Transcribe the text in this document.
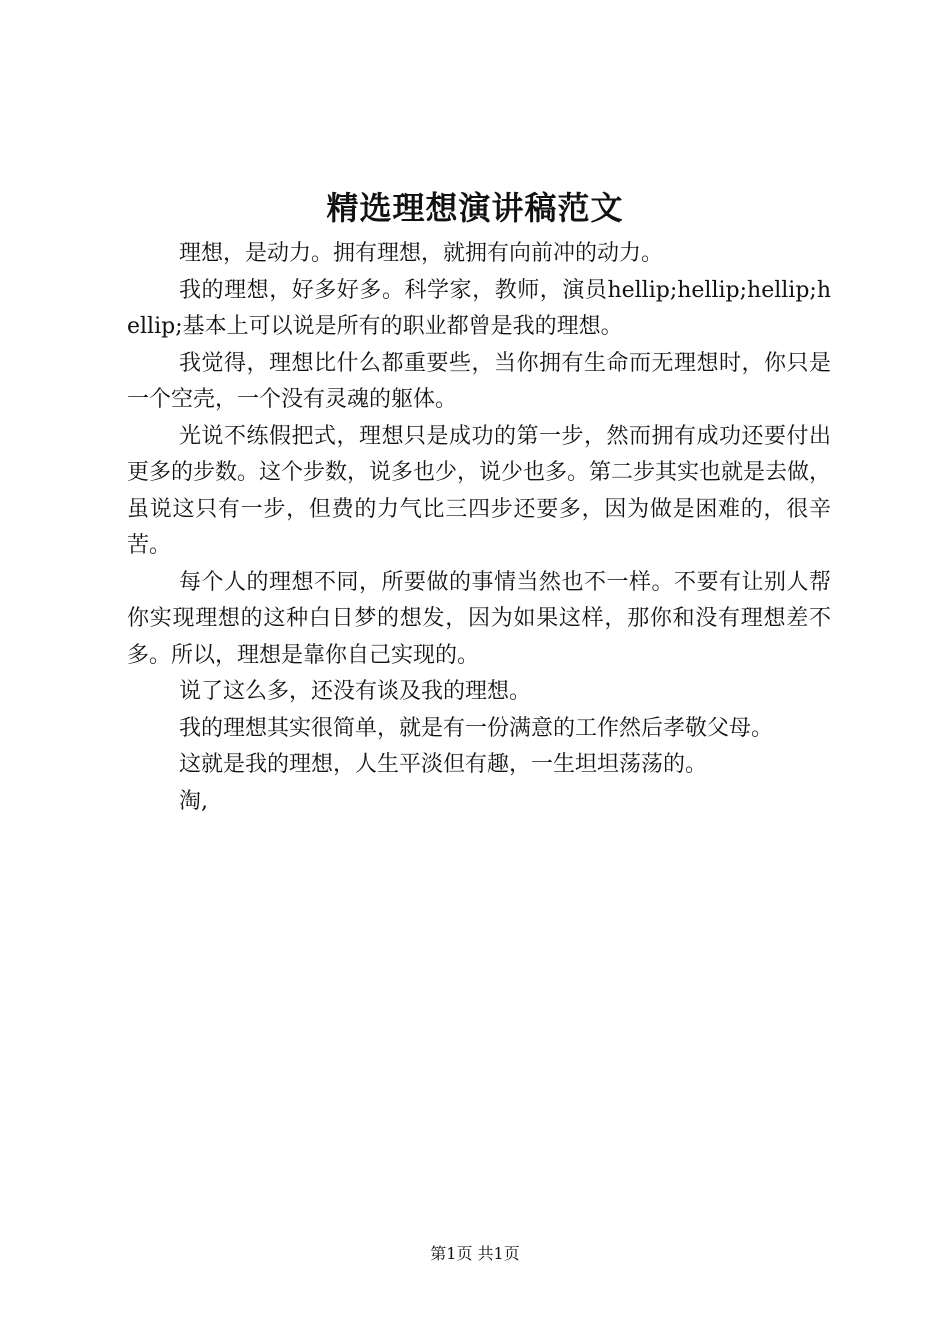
精选理想演讲稿范文

理想，是动力。拥有理想，就拥有向前冲的动力。

我的理想，好多好多。科学家，教师，演员hellip;hellip;hellip;hellip;基本上可以说是所有的职业都曾是我的理想。

我觉得，理想比什么都重要些，当你拥有生命而无理想时，你只是一个空壳，一个没有灵魂的躯体。

光说不练假把式，理想只是成功的第一步，然而拥有成功还要付出更多的步数。这个步数，说多也少，说少也多。第二步其实也就是去做，虽说这只有一步，但费的力气比三四步还要多，因为做是困难的，很辛苦。

每个人的理想不同，所要做的事情当然也不一样。不要有让别人帮你实现理想的这种白日梦的想发，因为如果这样，那你和没有理想差不多。所以，理想是靠你自己实现的。

说了这么多，还没有谈及我的理想。

我的理想其实很简单，就是有一份满意的工作然后孝敬父母。

这就是我的理想，人生平淡但有趣，一生坦坦荡荡的。

淘,

第1页 共1页
